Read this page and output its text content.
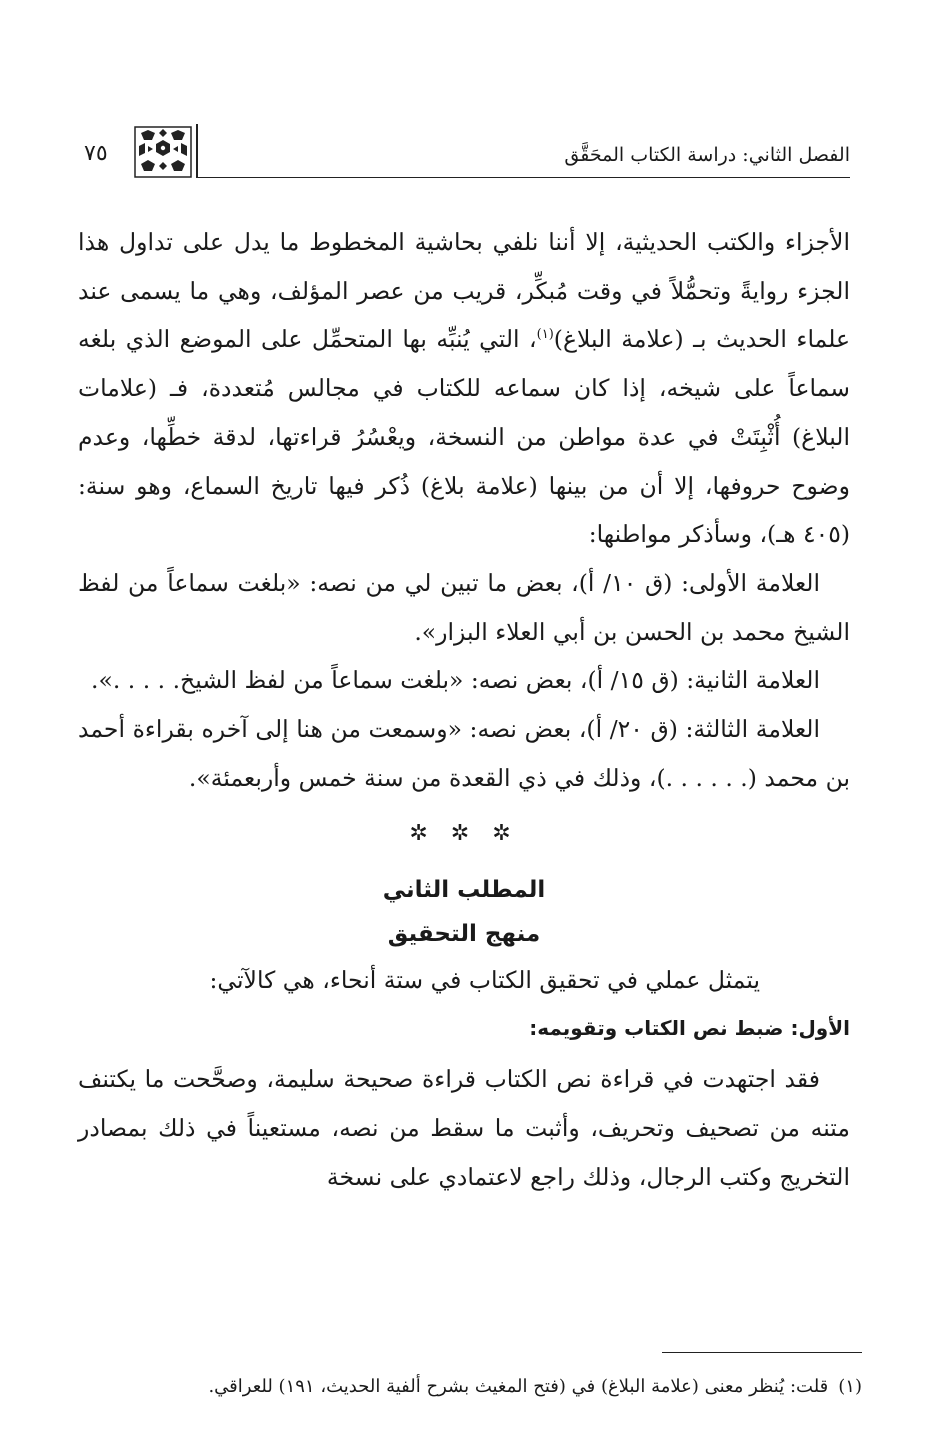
الفصل الثاني: دراسة الكتاب المحَقَّق
٧٥

الأجزاء والكتب الحديثية، إلا أننا نلفي بحاشية المخطوط ما يدل على تداول هذا الجزء روايةً وتحمُّلاً في وقت مُبكِّر، قريب من عصر المؤلف، وهي ما يسمى عند علماء الحديث بـ (علامة البلاغ)$^{(١)}$، التي يُنبِّه بها المتحمِّل على الموضع الذي بلغه سماعاً على شيخه، إذا كان سماعه للكتاب في مجالس مُتعددة، فـ (علامات البلاغ) أُثْبِتَتْ في عدة مواطن من النسخة، ويعْسُرُ قراءتها، لدقة خطِّها، وعدم وضوح حروفها، إلا أن من بينها (علامة بلاغ) ذُكر فيها تاريخ السماع، وهو سنة: (٤٠٥ هـ)، وسأذكر مواطنها:

العلامة الأولى: (ق ١٠/ أ)، بعض ما تبين لي من نصه: «بلغت سماعاً من لفظ الشيخ محمد بن الحسن بن أبي العلاء البزار».

العلامة الثانية: (ق ١٥/ أ)، بعض نصه: «بلغت سماعاً من لفظ الشيخ. . . . .».

العلامة الثالثة: (ق ٢٠/ أ)، بعض نصه: «وسمعت من هنا إلى آخره بقراءة أحمد بن محمد (. . . . . .)، وذلك في ذي القعدة من سنة خمس وأربعمئة».

✲ ✲ ✲
المطلب الثاني
منهج التحقيق

يتمثل عملي في تحقيق الكتاب في ستة أنحاء، هي كالآتي:

الأول: ضبط نص الكتاب وتقويمه:

فقد اجتهدت في قراءة نص الكتاب قراءة صحيحة سليمة، وصحَّحت ما يكتنف متنه من تصحيف وتحريف، وأثبت ما سقط من نصه، مستعيناً في ذلك بمصادر التخريج وكتب الرجال، وذلك راجع لاعتمادي على نسخة

(١)قلت: يُنظر معنى (علامة البلاغ) في (فتح المغيث بشرح ألفية الحديث، ١٩١) للعراقي.
